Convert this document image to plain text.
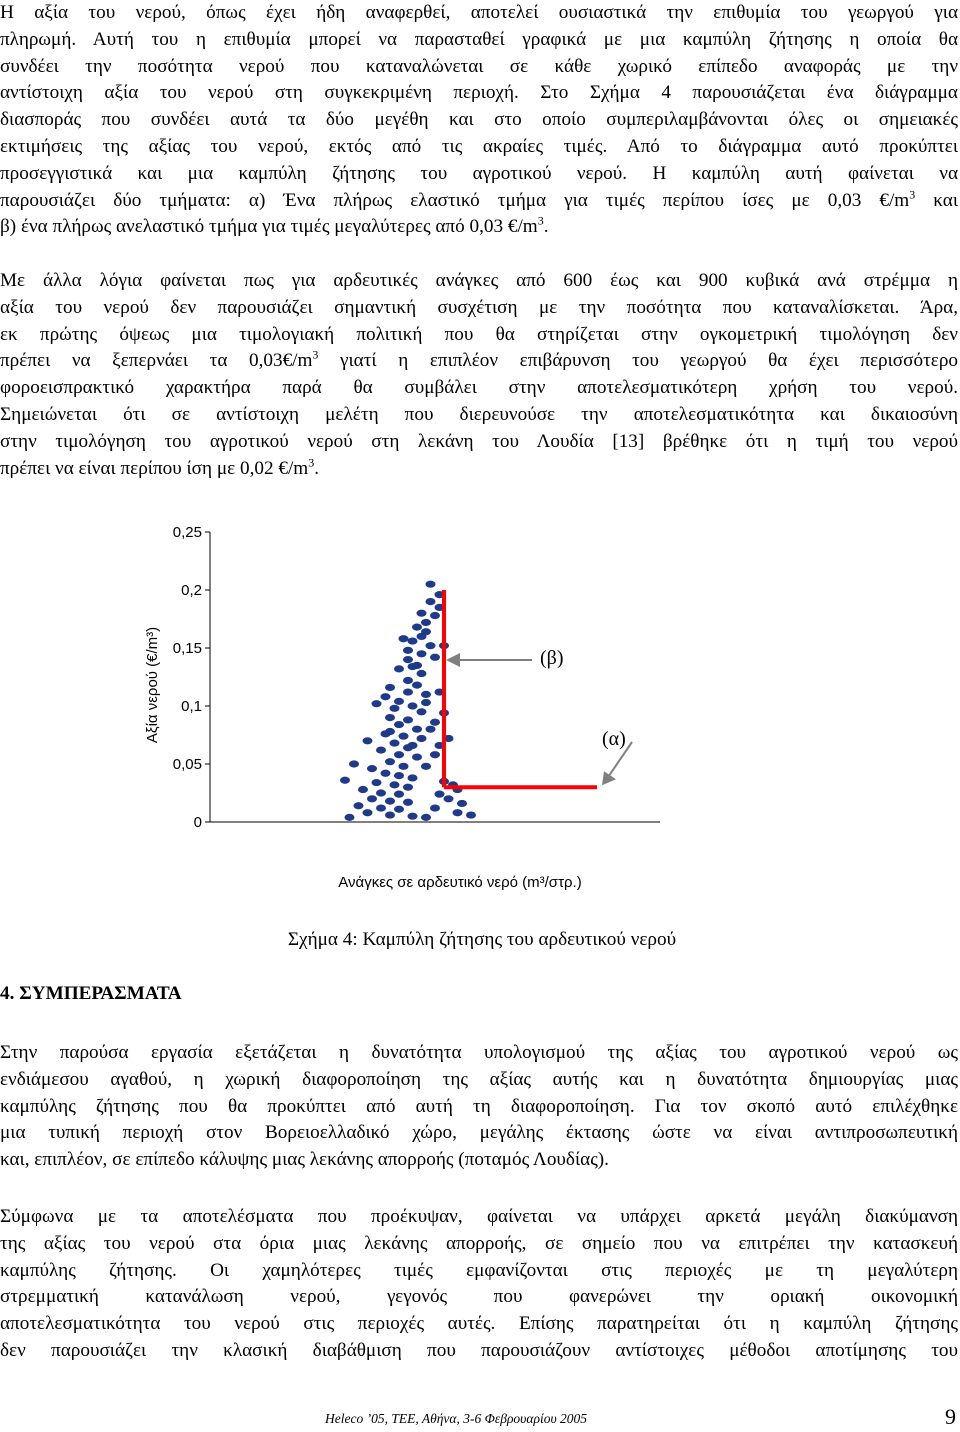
Η αξία του νερού, όπως έχει ήδη αναφερθεί, αποτελεί ουσιαστικά την επιθυμία του γεωργού για
πληρωμή. Αυτή του η επιθυμία μπορεί να παρασταθεί γραφικά με μια καμπύλη ζήτησης η οποία θα
συνδέει την ποσότητα νερού που καταναλώνεται σε κάθε χωρικό επίπεδο αναφοράς με την
αντίστοιχη αξία του νερού στη συγκεκριμένη περιοχή. Στο Σχήμα 4 παρουσιάζεται ένα διάγραμμα
διασποράς που συνδέει αυτά τα δύο μεγέθη και στο οποίο συμπεριλαμβάνονται όλες οι σημειακές
εκτιμήσεις της αξίας του νερού, εκτός από τις ακραίες τιμές. Από το διάγραμμα αυτό προκύπτει
προσεγγιστικά και μια καμπύλη ζήτησης του αγροτικού νερού. Η καμπύλη αυτή φαίνεται να
παρουσιάζει δύο τμήματα: α) Ένα πλήρως ελαστικό τμήμα για τιμές περίπου ίσες με 0,03 $€/m^3$ και
β) ένα πλήρως ανελαστικό τμήμα για τιμές μεγαλύτερες από 0,03 $€/m^3$.
Με άλλα λόγια φαίνεται πως για αρδευτικές ανάγκες από 600 έως και 900 κυβικά ανά στρέμμα η
αξία του νερού δεν παρουσιάζει σημαντική συσχέτιση με την ποσότητα που καταναλίσκεται. Άρα,
εκ πρώτης όψεως μια τιμολογιακή πολιτική που θα στηρίζεται στην ογκομετρική τιμολόγηση δεν
πρέπει να ξεπερνάει τα $0,03€/m^3$ γιατί η επιπλέον επιβάρυνση του γεωργού θα έχει περισσότερο
φοροεισπρακτικό χαρακτήρα παρά θα συμβάλει στην αποτελεσματικότερη χρήση του νερού.
Σημειώνεται ότι σε αντίστοιχη μελέτη που διερευνούσε την αποτελεσματικότητα και δικαιοσύνη
στην τιμολόγηση του αγροτικού νερού στη λεκάνη του Λουδία [13] βρέθηκε ότι η τιμή του νερού
πρέπει να είναι περίπου ίση με 0,02 $€/m^3$.
0
0,05
0,1
0,15
0,2
0,25
(β)
(α)
Αξία νερού (€/m³)
Ανάγκες σε αρδευτικό νερό (m³/στρ.)
Σχήμα 4: Καμπύλη ζήτησης του αρδευτικού νερού
4. ΣΥΜΠΕΡΑΣΜΑΤΑ
Στην παρούσα εργασία εξετάζεται η δυνατότητα υπολογισμού της αξίας του αγροτικού νερού ως
ενδιάμεσου αγαθού, η χωρική διαφοροποίηση της αξίας αυτής και η δυνατότητα δημιουργίας μιας
καμπύλης ζήτησης που θα προκύπτει από αυτή τη διαφοροποίηση. Για τον σκοπό αυτό επιλέχθηκε
μια τυπική περιοχή στον Βορειοελλαδικό χώρο, μεγάλης έκτασης ώστε να είναι αντιπροσωπευτική
και, επιπλέον, σε επίπεδο κάλυψης μιας λεκάνης απορροής (ποταμός Λουδίας).
Σύμφωνα με τα αποτελέσματα που προέκυψαν, φαίνεται να υπάρχει αρκετά μεγάλη διακύμανση
της αξίας του νερού στα όρια μιας λεκάνης απορροής, σε σημείο που να επιτρέπει την κατασκευή
καμπύλης ζήτησης. Οι χαμηλότερες τιμές εμφανίζονται στις περιοχές με τη μεγαλύτερη
στρεμματική κατανάλωση νερού, γεγονός που φανερώνει την οριακή οικονομική
αποτελεσματικότητα του νερού στις περιοχές αυτές. Επίσης παρατηρείται ότι η καμπύλη ζήτησης
δεν παρουσιάζει την κλασική διαβάθμιση που παρουσιάζουν αντίστοιχες μέθοδοι αποτίμησης του
Heleco ’05, ΤΕΕ, Αθήνα, 3-6 Φεβρουαρίου 2005	9
